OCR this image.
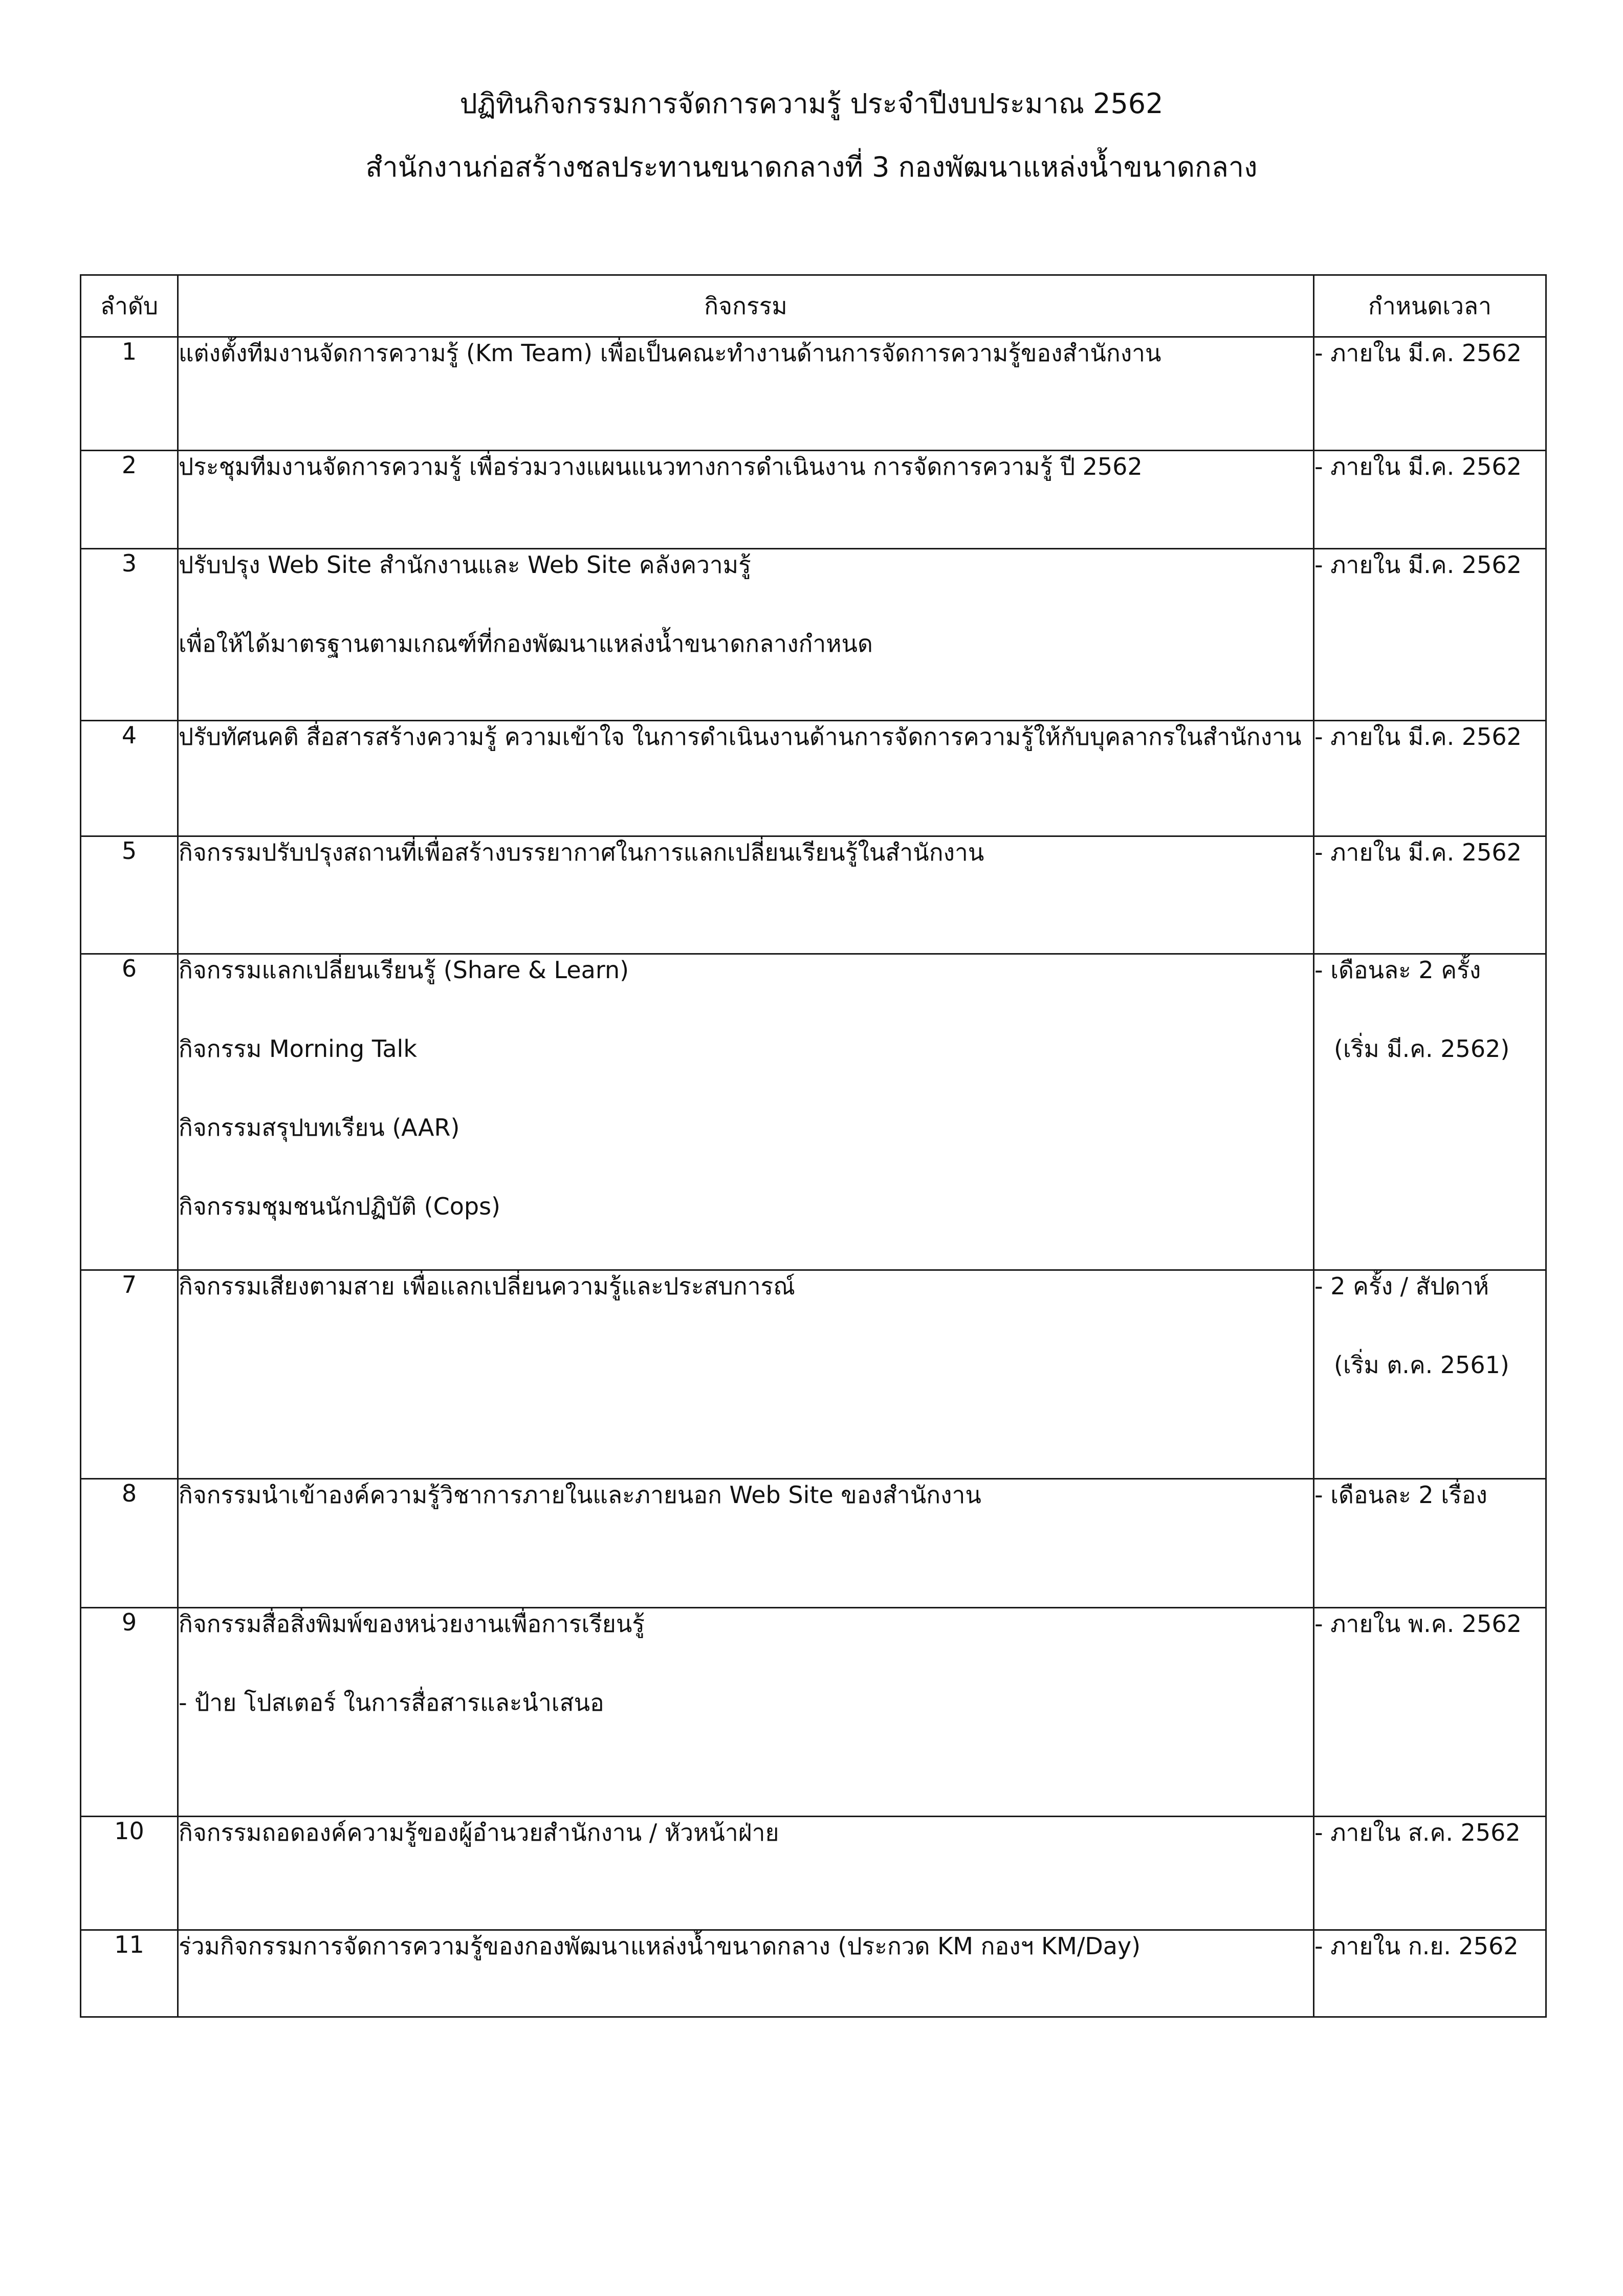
ปฏิทินกิจกรรมการจัดการความรู้ ประจำปีงบประมาณ 2562
สำนักงานก่อสร้างชลประทานขนาดกลางที่ 3 กองพัฒนาแหล่งน้ำขนาดกลาง
ลำดับ	กิจกรรม	กำหนดเวลา
1	แต่งตั้งทีมงานจัดการความรู้ (Km Team) เพื่อเป็นคณะทำงานด้านการจัดการความรู้ของสำนักงาน	- ภายใน มี.ค. 2562

2	ประชุมทีมงานจัดการความรู้ เพื่อร่วมวางแผนแนวทางการดำเนินงาน การจัดการความรู้ ปี 2562	- ภายใน มี.ค. 2562

3	ปรับปรุง Web Site สำนักงานและ Web Site คลังความรู้
เพื่อให้ได้มาตรฐานตามเกณฑ์ที่กองพัฒนาแหล่งน้ำขนาดกลางกำหนด	- ภายใน มี.ค. 2562

4	ปรับทัศนคติ สื่อสารสร้างความรู้ ความเข้าใจ ในการดำเนินงานด้านการจัดการความรู้ให้กับบุคลากรในสำนักงาน	- ภายใน มี.ค. 2562

5	กิจกรรมปรับปรุงสถานที่เพื่อสร้างบรรยากาศในการแลกเปลี่ยนเรียนรู้ในสำนักงาน	- ภายใน มี.ค. 2562

6	กิจกรรมแลกเปลี่ยนเรียนรู้ (Share & Learn)
กิจกรรม Morning Talk
กิจกรรมสรุปบทเรียน (AAR)
กิจกรรมชุมชนนักปฏิบัติ (Cops)	- เดือนละ 2 ครั้ง
(เริ่ม มี.ค. 2562)

7	กิจกรรมเสียงตามสาย เพื่อแลกเปลี่ยนความรู้และประสบการณ์	- 2 ครั้ง / สัปดาห์
(เริ่ม ต.ค. 2561)

8	กิจกรรมนำเข้าองค์ความรู้วิชาการภายในและภายนอก Web Site ของสำนักงาน	- เดือนละ 2 เรื่อง

9	กิจกรรมสื่อสิ่งพิมพ์ของหน่วยงานเพื่อการเรียนรู้
- ป้าย โปสเตอร์ ในการสื่อสารและนำเสนอ	- ภายใน พ.ค. 2562

10	กิจกรรมถอดองค์ความรู้ของผู้อำนวยสำนักงาน / หัวหน้าฝ่าย	- ภายใน ส.ค. 2562

11	ร่วมกิจกรรมการจัดการความรู้ของกองพัฒนาแหล่งน้ำขนาดกลาง (ประกวด KM กองฯ KM/Day)	- ภายใน ก.ย. 2562
